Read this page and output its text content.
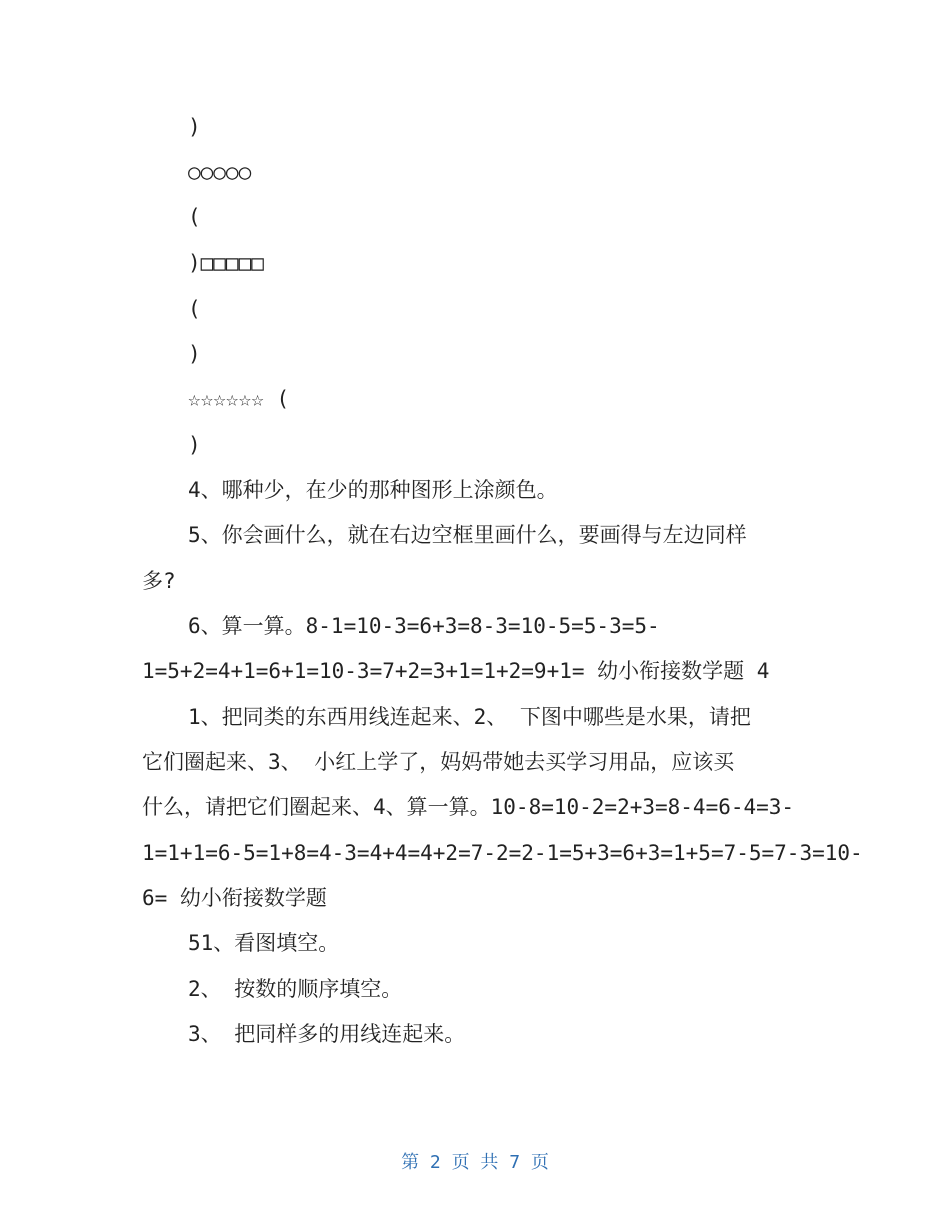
)
○○○○○
(
)□□□□□
(
)
☆☆☆☆☆☆ (
)
4、哪种少，在少的那种图形上涂颜色。
5、你会画什么，就在右边空框里画什么，要画得与左边同样
多?
6、算一算。8-1=10-3=6+3=8-3=10-5=5-3=5-
1=5+2=4+1=6+1=10-3=7+2=3+1=1+2=9+1= 幼小衔接数学题 4
1、把同类的东西用线连起来、2、 下图中哪些是水果，请把
它们圈起来、3、 小红上学了，妈妈带她去买学习用品，应该买
什么，请把它们圈起来、4、算一算。10-8=10-2=2+3=8-4=6-4=3-
1=1+1=6-5=1+8=4-3=4+4=4+2=7-2=2-1=5+3=6+3=1+5=7-5=7-3=10-
6= 幼小衔接数学题
51、看图填空。
2、 按数的顺序填空。
3、 把同样多的用线连起来。
第 2 页 共 7 页
